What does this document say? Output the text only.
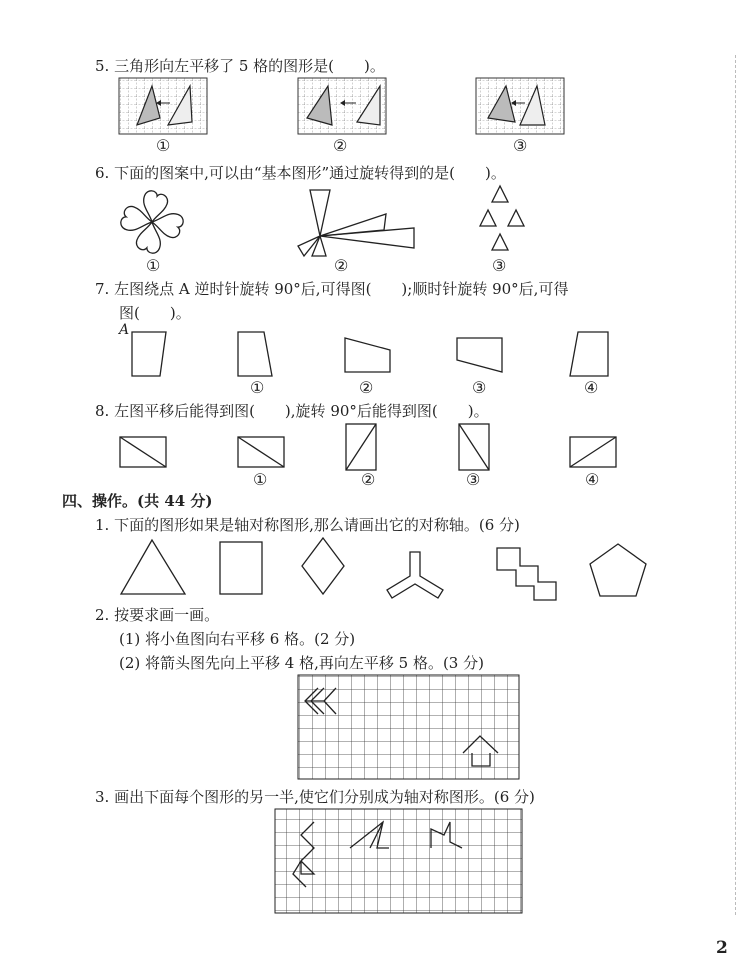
5. 三角形向左平移了 5 格的图形是(　　)。
①	②	③
6. 下面的图案中,可以由“基本图形”通过旋转得到的是(　　)。
①	②	③
7. 左图绕点 A 逆时针旋转 90°后,可得图(　　);顺时针旋转 90°后,可得
图(　　)。
A
①	②	③	④
8. 左图平移后能得到图(　　),旋转 90°后能得到图(　　)。
①	②	③	④
四、操作。(共 44 分)
1. 下面的图形如果是轴对称图形,那么请画出它的对称轴。(6 分)
2. 按要求画一画。
(1) 将小鱼图向右平移 6 格。(2 分)
(2) 将箭头图先向上平移 4 格,再向左平移 5 格。(3 分)
3. 画出下面每个图形的另一半,使它们分别成为轴对称图形。(6 分)
2
